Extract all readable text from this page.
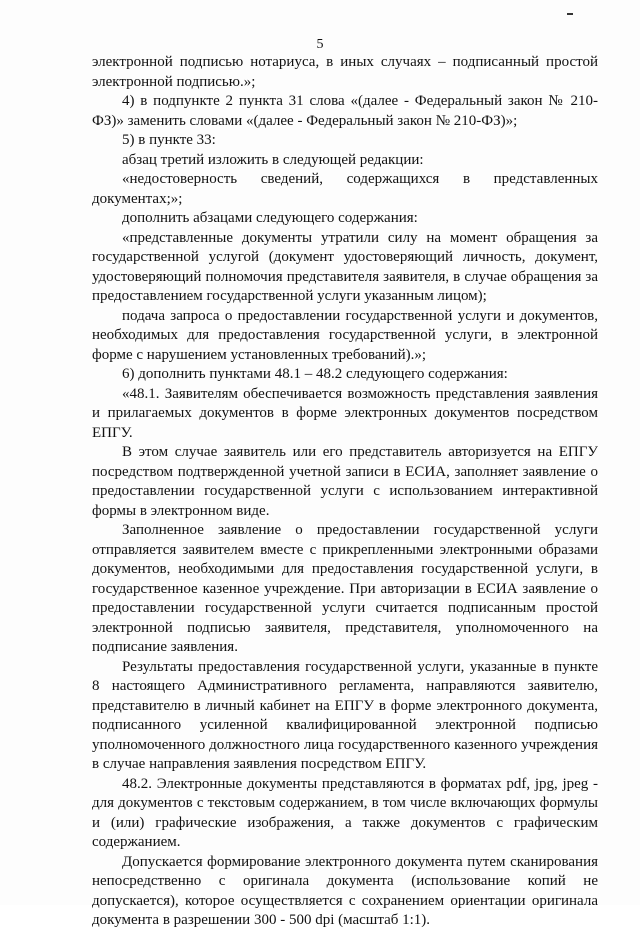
5

электронной подписью нотариуса, в иных случаях – подписанный простой электронной подписью.»;

4) в подпункте 2 пункта 31 слова «(далее - Федеральный закон № 210-ФЗ)» заменить словами «(далее - Федеральный закон № 210-ФЗ)»;

5) в пункте 33:

абзац третий изложить в следующей редакции:

«недостоверность сведений, содержащихся в представленных документах;»;

дополнить абзацами следующего содержания:

«представленные документы утратили силу на момент обращения за государственной услугой (документ удостоверяющий личность, документ, удостоверяющий полномочия представителя заявителя, в случае обращения за предоставлением государственной услуги указанным лицом);

подача запроса о предоставлении государственной услуги и документов, необходимых для предоставления государственной услуги, в электронной форме с нарушением установленных требований).»;

6) дополнить пунктами 48.1 – 48.2 следующего содержания:

«48.1. Заявителям обеспечивается возможность представления заявления и прилагаемых документов в форме электронных документов посредством ЕПГУ.

В этом случае заявитель или его представитель авторизуется на ЕПГУ посредством подтвержденной учетной записи в ЕСИА, заполняет заявление о предоставлении государственной услуги с использованием интерактивной формы в электронном виде.

Заполненное заявление о предоставлении государственной услуги отправляется заявителем вместе с прикрепленными электронными образами документов, необходимыми для предоставления государственной услуги, в государственное казенное учреждение. При авторизации в ЕСИА заявление о предоставлении государственной услуги считается подписанным простой электронной подписью заявителя, представителя, уполномоченного на подписание заявления.

Результаты предоставления государственной услуги, указанные в пункте 8 настоящего Административного регламента, направляются заявителю, представителю в личный кабинет на ЕПГУ в форме электронного документа, подписанного усиленной квалифицированной электронной подписью уполномоченного должностного лица государственного казенного учреждения в случае направления заявления посредством ЕПГУ.

48.2. Электронные документы представляются в форматах pdf, jpg, jpeg - для документов с текстовым содержанием, в том числе включающих формулы и (или) графические изображения, а также документов с графическим содержанием.

Допускается формирование электронного документа путем сканирования непосредственно с оригинала документа (использование копий не допускается), которое осуществляется с сохранением ориентации оригинала документа в разрешении 300 - 500 dpi (масштаб 1:1).
